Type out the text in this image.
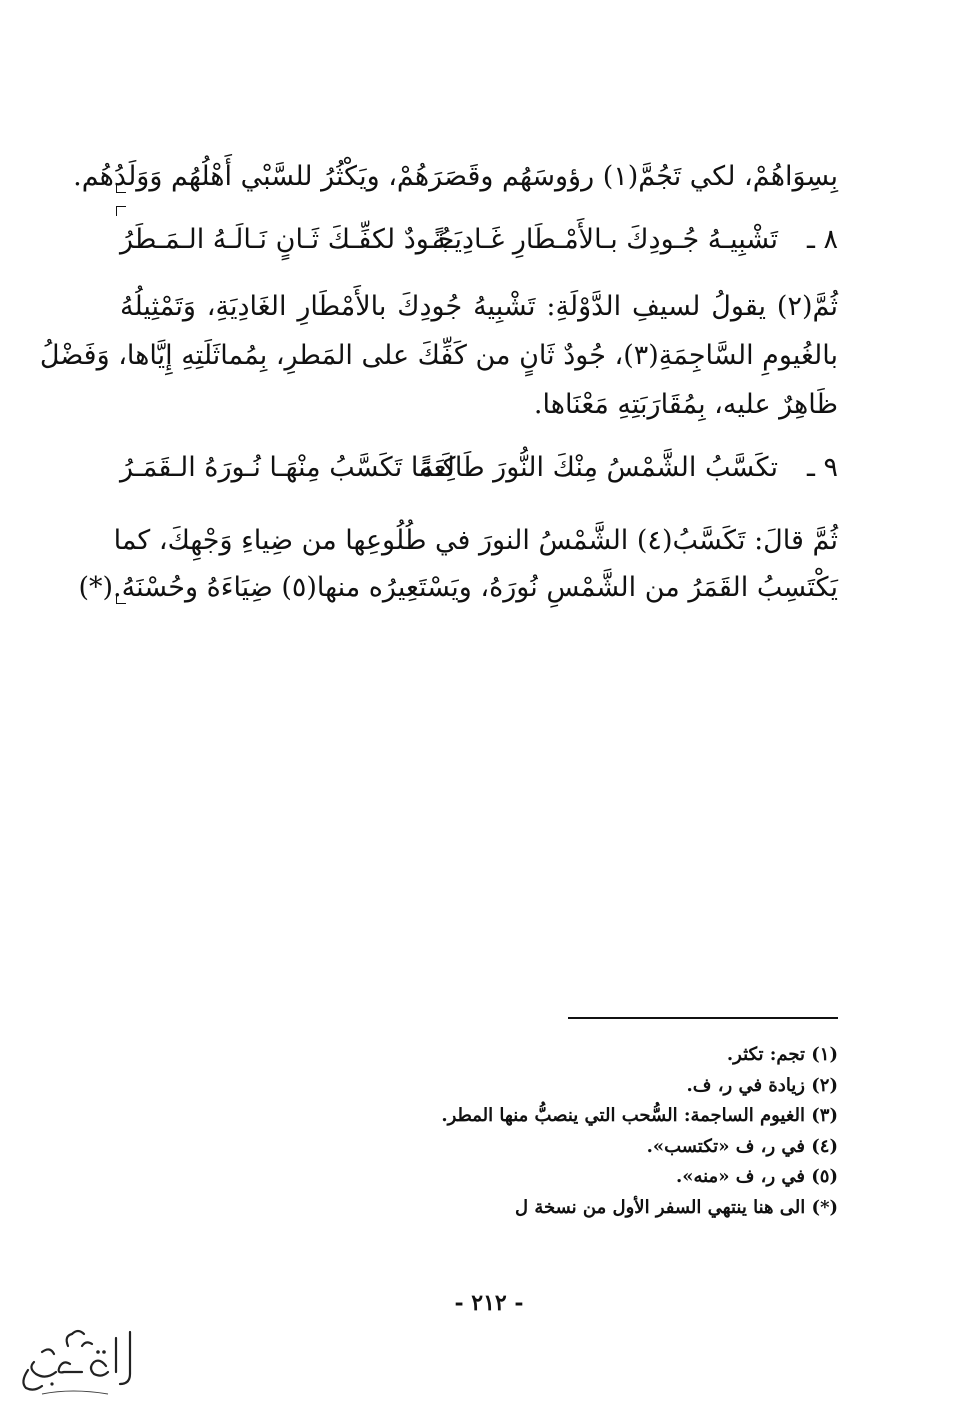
بِسِوَاهُمْ، لكي تَجُمَّ(١) رؤوسَهُم وقَصَرَهُمْ، ويَكْثُرُ للسَّبْي أَهْلُهُم وَوَلَدُهُم.
٨ ـ
تَشْبِيـهُ جُـودِكَ بـالأَمْـطَارِ غَـادِيَـةً
جُـودٌ لكفِّـكَ ثَـانٍ نَـالَـهُ الـمَـطَرُ
ثُمَّ(٢) يقولُ لسيفِ الدَّوْلَةِ: تَشْبِيهُ جُودِكَ بالأَمْطَارِ الغَادِيَةِ، وَتَمْثِيلُهُ
بالغُيومِ السَّاجِمَةِ(٣)، جُودٌ ثَانٍ من كَفِّكَ على المَطرِ، بِمُماثَلَتِهِ إِيَّاها، وَفَضْلُ
ظَاهِرٌ عليه، بِمُقَارَبَتِهِ مَعْنَاها.
٩ ـ
تكَسَّبُ الشَّمْسُ مِنْكَ النُّورَ طَالِعَةً
كَـمَا تَكَسَّبُ مِنْهَـا نُـورَهُ الـقَمَـرُ
ثُمَّ قالَ: تَكَسَّبُ(٤) الشَّمْسُ النورَ في طُلُوعِها من ضِياءِ وَجْهِكَ، كما
يَكْتَسِبُ القَمَرُ من الشَّمْسِ نُورَهُ، ويَسْتَعِيرُه منها(٥) ضِيَاءَهُ وحُسْنَهُ.(*)
(١) تجم: تكثر.
(٢) زيادة في ر، ف.
(٣) الغيوم الساجمة: السُّحب التي ينصبُّ منها المطر.
(٤) في ر، ف «تكتسب».
(٥) في ر، ف «منه».
(*) الى هنا ينتهي السفر الأول من نسخة ل
- ٢١٢ -
